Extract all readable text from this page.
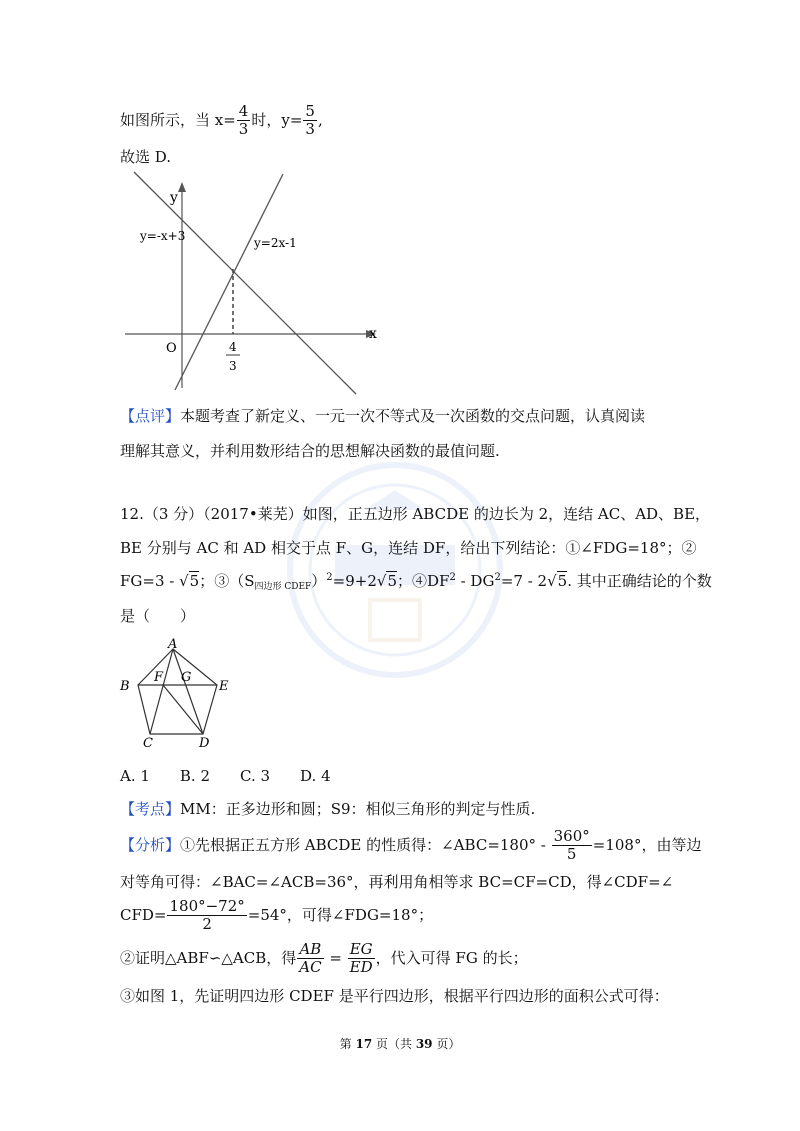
如图所示，当 $x= \frac{4}{3}$ 时，$y= \frac{5}{3}$ ,
故选 D.
y
x
O
y=-x+3	y=2x-1
4
3
【点评】本题考查了新定义、一元一次不等式及一次函数的交点问题，认真阅读
理解其意义，并利用数形结合的思想解决函数的最值问题.
12.（3 分）（2017•莱芜）如图，正五边形 ABCDE 的边长为 2，连结 AC、AD、BE，
BE 分别与 AC 和 AD 相交于点 F、G，连结 DF，给出下列结论：①∠FDG=18°；②
FG=3 - √5；$③(S_{四边形 CDEF})^2=9+2√5$；$④DF^2 - DG^2=7 - 2√5$. 其中正确结论的个数
是（　　）
A
B
C	D
E
F G
A. 1　　B. 2　　C. 3　　D. 4
【考点】MM：正多边形和圆；S9：相似三角形的判定与性质.
【分析】①先根据正五方形 ABCDE 的性质得：∠ABC=180° - $\frac{360^\circ}{5} =108^\circ$，由等边
对等角可得：∠BAC=∠ACB=36°，再利用角相等求 BC=CF=CD，得∠CDF=∠
$CFD= \frac{180^\circ-72^\circ}{2} =54^\circ$，可得∠FDG=18°；
②证明△ABF∽△ACB，得 $\frac{AB}{AC} = \frac{EG}{ED}$ ，代入可得 FG 的长；
③如图 1，先证明四边形 CDEF 是平行四边形，根据平行四边形的面积公式可得：
第 17 页（共 39 页）
